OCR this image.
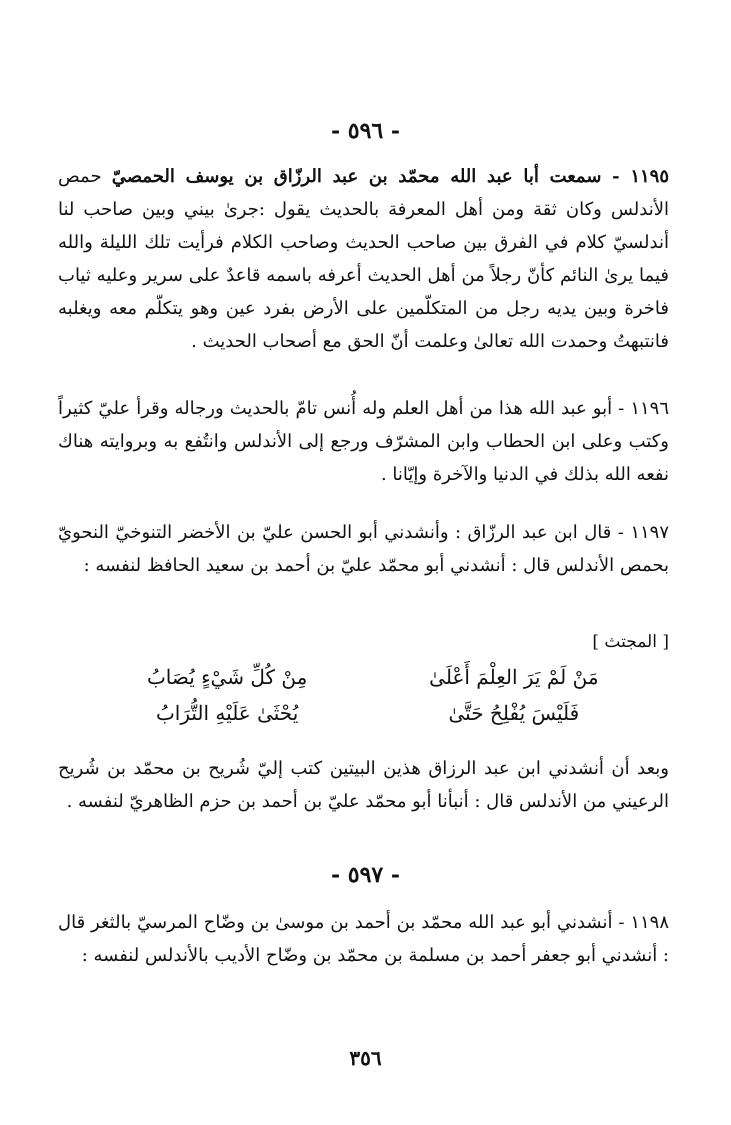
- ٥٩٦ -
١١٩٥ - سمعت أبا عبد الله محمّد بن عبد الرزّاق بن يوسف الحمصيّ حمص الأندلس وكان ثقة ومن أهل المعرفة بالحديث يقول :جرىٰ بيني وبين صاحب لنا أندلسيّ كلام في الفرق بين صاحب الحديث وصاحب الكلام فرأيت تلك الليلة والله فيما يرىٰ النائم كأنّ رجلاً من أهل الحديث أعرفه باسمه قاعدٌ على سرير وعليه ثياب فاخرة وبين يديه رجل من المتكلّمين على الأرض بفرد عين وهو يتكلّم معه ويغلبه فانتبهتُ وحمدت الله تعالىٰ وعلمت أنّ الحق مع أصحاب الحديث .
١١٩٦ - أبو عبد الله هذا من أهل العلم وله أُنس تامّ بالحديث ورجاله وقرأ عليّ كثيراً وكتب وعلى ابن الحطاب وابن المشرّف ورجع إلى الأندلس وانتُفع به وبروايته هناك نفعه الله بذلك في الدنيا والآخرة وإيّانا .
١١٩٧ - قال ابن عبد الرزّاق : وأنشدني أبو الحسن عليّ بن الأخضر التنوخيّ النحويّ بحمص الأندلس قال : أنشدني أبو محمّد عليّ بن أحمد بن سعيد الحافظ لنفسه :
[ المجتث ]
مَنْ لَمْ يَرَ العِلْمَ أَعْلَىٰ
مِنْ كُلِّ شَيْءٍ يُصَابُ
فَلَيْسَ يُفْلِحُ حَتَّىٰ
يُحْثَىٰ عَلَيْهِ التُّرَابُ
وبعد أن أنشدني ابن عبد الرزاق هذين البيتين كتب إليّ شُريح بن محمّد بن شُريح الرعيني من الأندلس قال : أنبأنا أبو محمّد عليّ بن أحمد بن حزم الظاهريّ لنفسه .
- ٥٩٧ -
١١٩٨ - أنشدني أبو عبد الله محمّد بن أحمد بن موسىٰ بن وضّاح المرسيّ بالثغر قال : أنشدني أبو جعفر أحمد بن مسلمة بن محمّد بن وضّاح الأديب بالأندلس لنفسه :
٣٥٦
